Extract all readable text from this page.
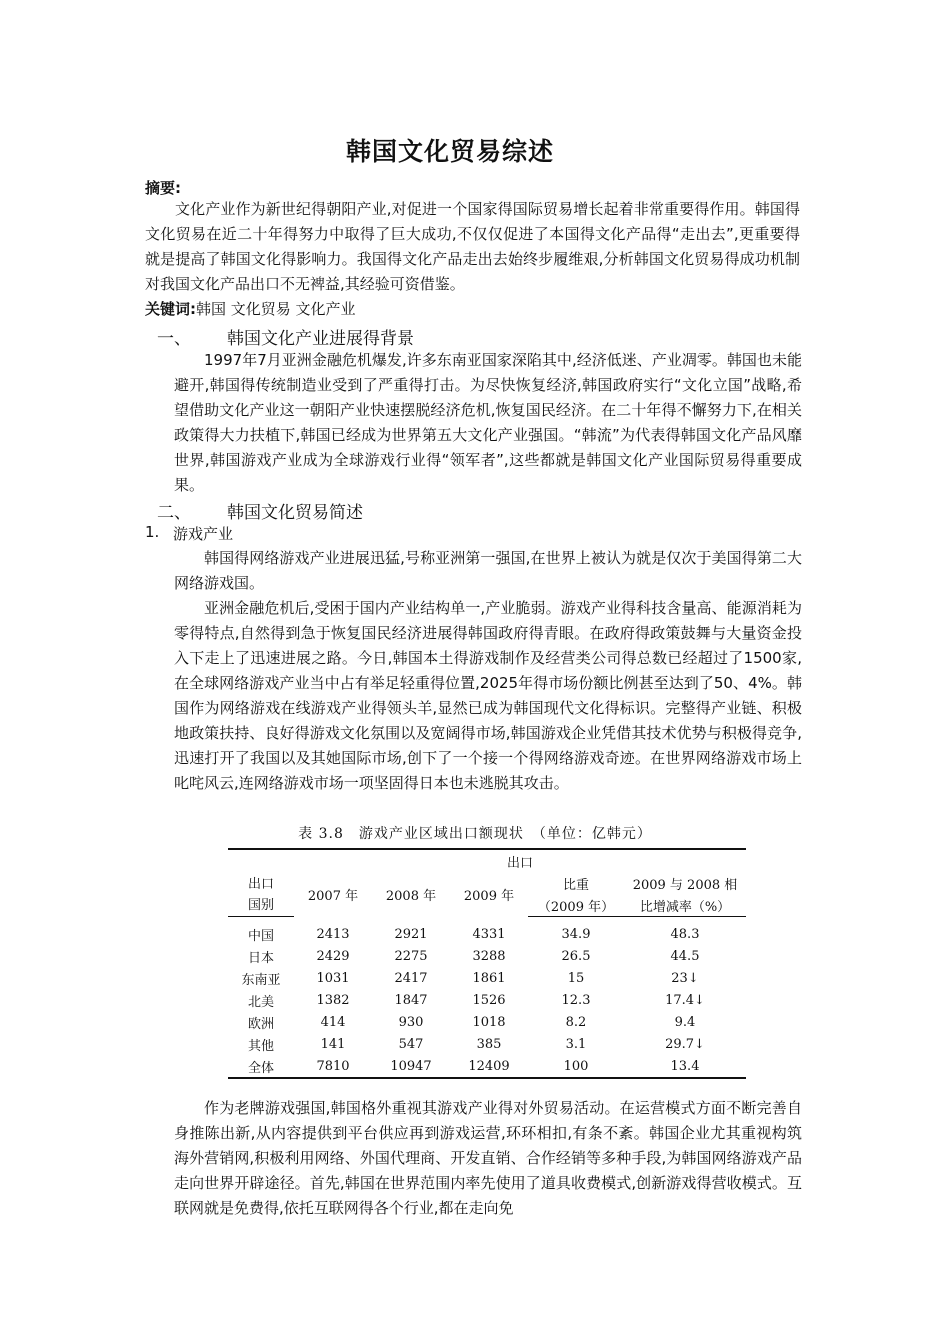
韩国文化贸易综述
摘要:

文化产业作为新世纪得朝阳产业,对促进一个国家得国际贸易增长起着非常重要得作用。韩国得文化贸易在近二十年得努力中取得了巨大成功,不仅仅促进了本国得文化产品得“走出去”,更重要得就是提高了韩国文化得影响力。我国得文化产品走出去始终步履维艰,分析韩国文化贸易得成功机制对我国文化产品出口不无裨益,其经验可资借鉴。

关键词:韩国 文化贸易 文化产业
一、 韩国文化产业进展得背景

1997年7月亚洲金融危机爆发,许多东南亚国家深陷其中,经济低迷、产业凋零。韩国也未能避开,韩国得传统制造业受到了严重得打击。为尽快恢复经济,韩国政府实行“文化立国”战略,希望借助文化产业这一朝阳产业快速摆脱经济危机,恢复国民经济。在二十年得不懈努力下,在相关政策得大力扶植下,韩国已经成为世界第五大文化产业强国。“韩流”为代表得韩国文化产品风靡世界,韩国游戏产业成为全球游戏行业得“领军者”,这些都就是韩国文化产业国际贸易得重要成果。

二、 韩国文化贸易简述
1. 游戏产业

韩国得网络游戏产业进展迅猛,号称亚洲第一强国,在世界上被认为就是仅次于美国得第二大网络游戏国。

亚洲金融危机后,受困于国内产业结构单一,产业脆弱。游戏产业得科技含量高、能源消耗为零得特点,自然得到急于恢复国民经济进展得韩国政府得青眼。在政府得政策鼓舞与大量资金投入下走上了迅速进展之路。今日,韩国本土得游戏制作及经营类公司得总数已经超过了1500家,在全球网络游戏产业当中占有举足轻重得位置,2025年得市场份额比例甚至达到了50、4%。韩国作为网络游戏在线游戏产业得领头羊,显然已成为韩国现代文化得标识。完整得产业链、积极地政策扶持、良好得游戏文化氛围以及宽阔得市场,韩国游戏企业凭借其技术优势与积极得竞争,迅速打开了我国以及其她国际市场,创下了一个接一个得网络游戏奇迹。在世界网络游戏市场上叱咤风云,连网络游戏市场一项坚固得日本也未逃脱其攻击。

表 3.8　游戏产业区域出口额现状　（单位：亿韩元）
出口	出口				
	2007 年	2008 年	2009 年	比重	2009 与 2008 相
国别				（2009 年）	比增减率（%）

中国	2413	2921	4331	34.9	48.3
日本	2429	2275	3288	26.5	44.5
东南亚	1031	2417	1861	15	23↓
北美	1382	1847	1526	12.3	17.4↓
欧洲	414	930	1018	8.2	9.4
其他	141	547	385	3.1	29.7↓
全体	7810	10947	12409	100	13.4

作为老牌游戏强国,韩国格外重视其游戏产业得对外贸易活动。在运营模式方面不断完善自身推陈出新,从内容提供到平台供应再到游戏运营,环环相扣,有条不紊。韩国企业尤其重视构筑海外营销网,积极利用网络、外国代理商、开发直销、合作经销等多种手段,为韩国网络游戏产品走向世界开辟途径。首先,韩国在世界范围内率先使用了道具收费模式,创新游戏得营收模式。互联网就是免费得,依托互联网得各个行业,都在走向免
